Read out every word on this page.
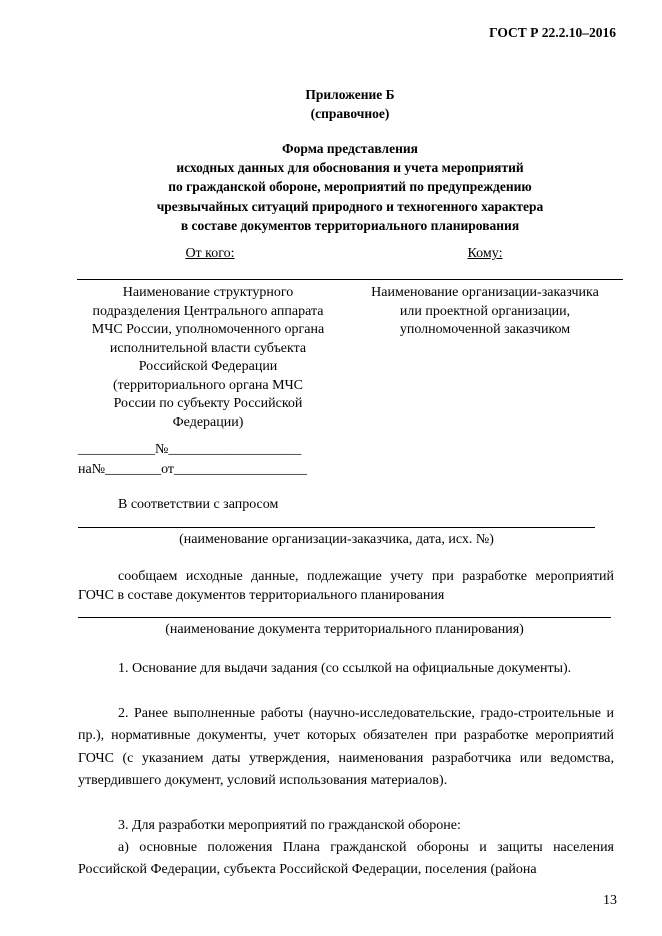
ГОСТ Р 22.2.10–2016
Приложение Б
(справочное)
Форма представления
исходных данных для обоснования и учета мероприятий
по гражданской обороне, мероприятий по предупреждению
чрезвычайных ситуаций природного и техногенного характера
в составе документов территориального планирования
От кого:	Кому:
Наименование структурного
подразделения Центрального аппарата
МЧС России, уполномоченного органа
исполнительной власти субъекта
Российской Федерации
(территориального органа МЧС
России по субъекту Российской
Федерации)
Наименование организации-заказчика
или проектной организации,
уполномоченной заказчиком
___________№___________________
на№________от___________________
В соответствии с запросом
(наименование организации-заказчика, дата, исх. №)
сообщаем исходные данные, подлежащие учету при разработке мероприятий ГОЧС в составе документов территориального планирования
(наименование документа территориального планирования)
1. Основание для выдачи задания (со ссылкой на официальные документы).
2. Ранее выполненные работы (научно-исследовательские, градо-строительные и пр.), нормативные документы, учет которых обязателен при разработке мероприятий ГОЧС (с указанием даты утверждения, наименования разработчика или ведомства, утвердившего документ, условий использования материалов).
3. Для разработки мероприятий по гражданской обороне:
а) основные положения Плана гражданской обороны и защиты населения Российской Федерации, субъекта Российской Федерации, поселения (района
13
